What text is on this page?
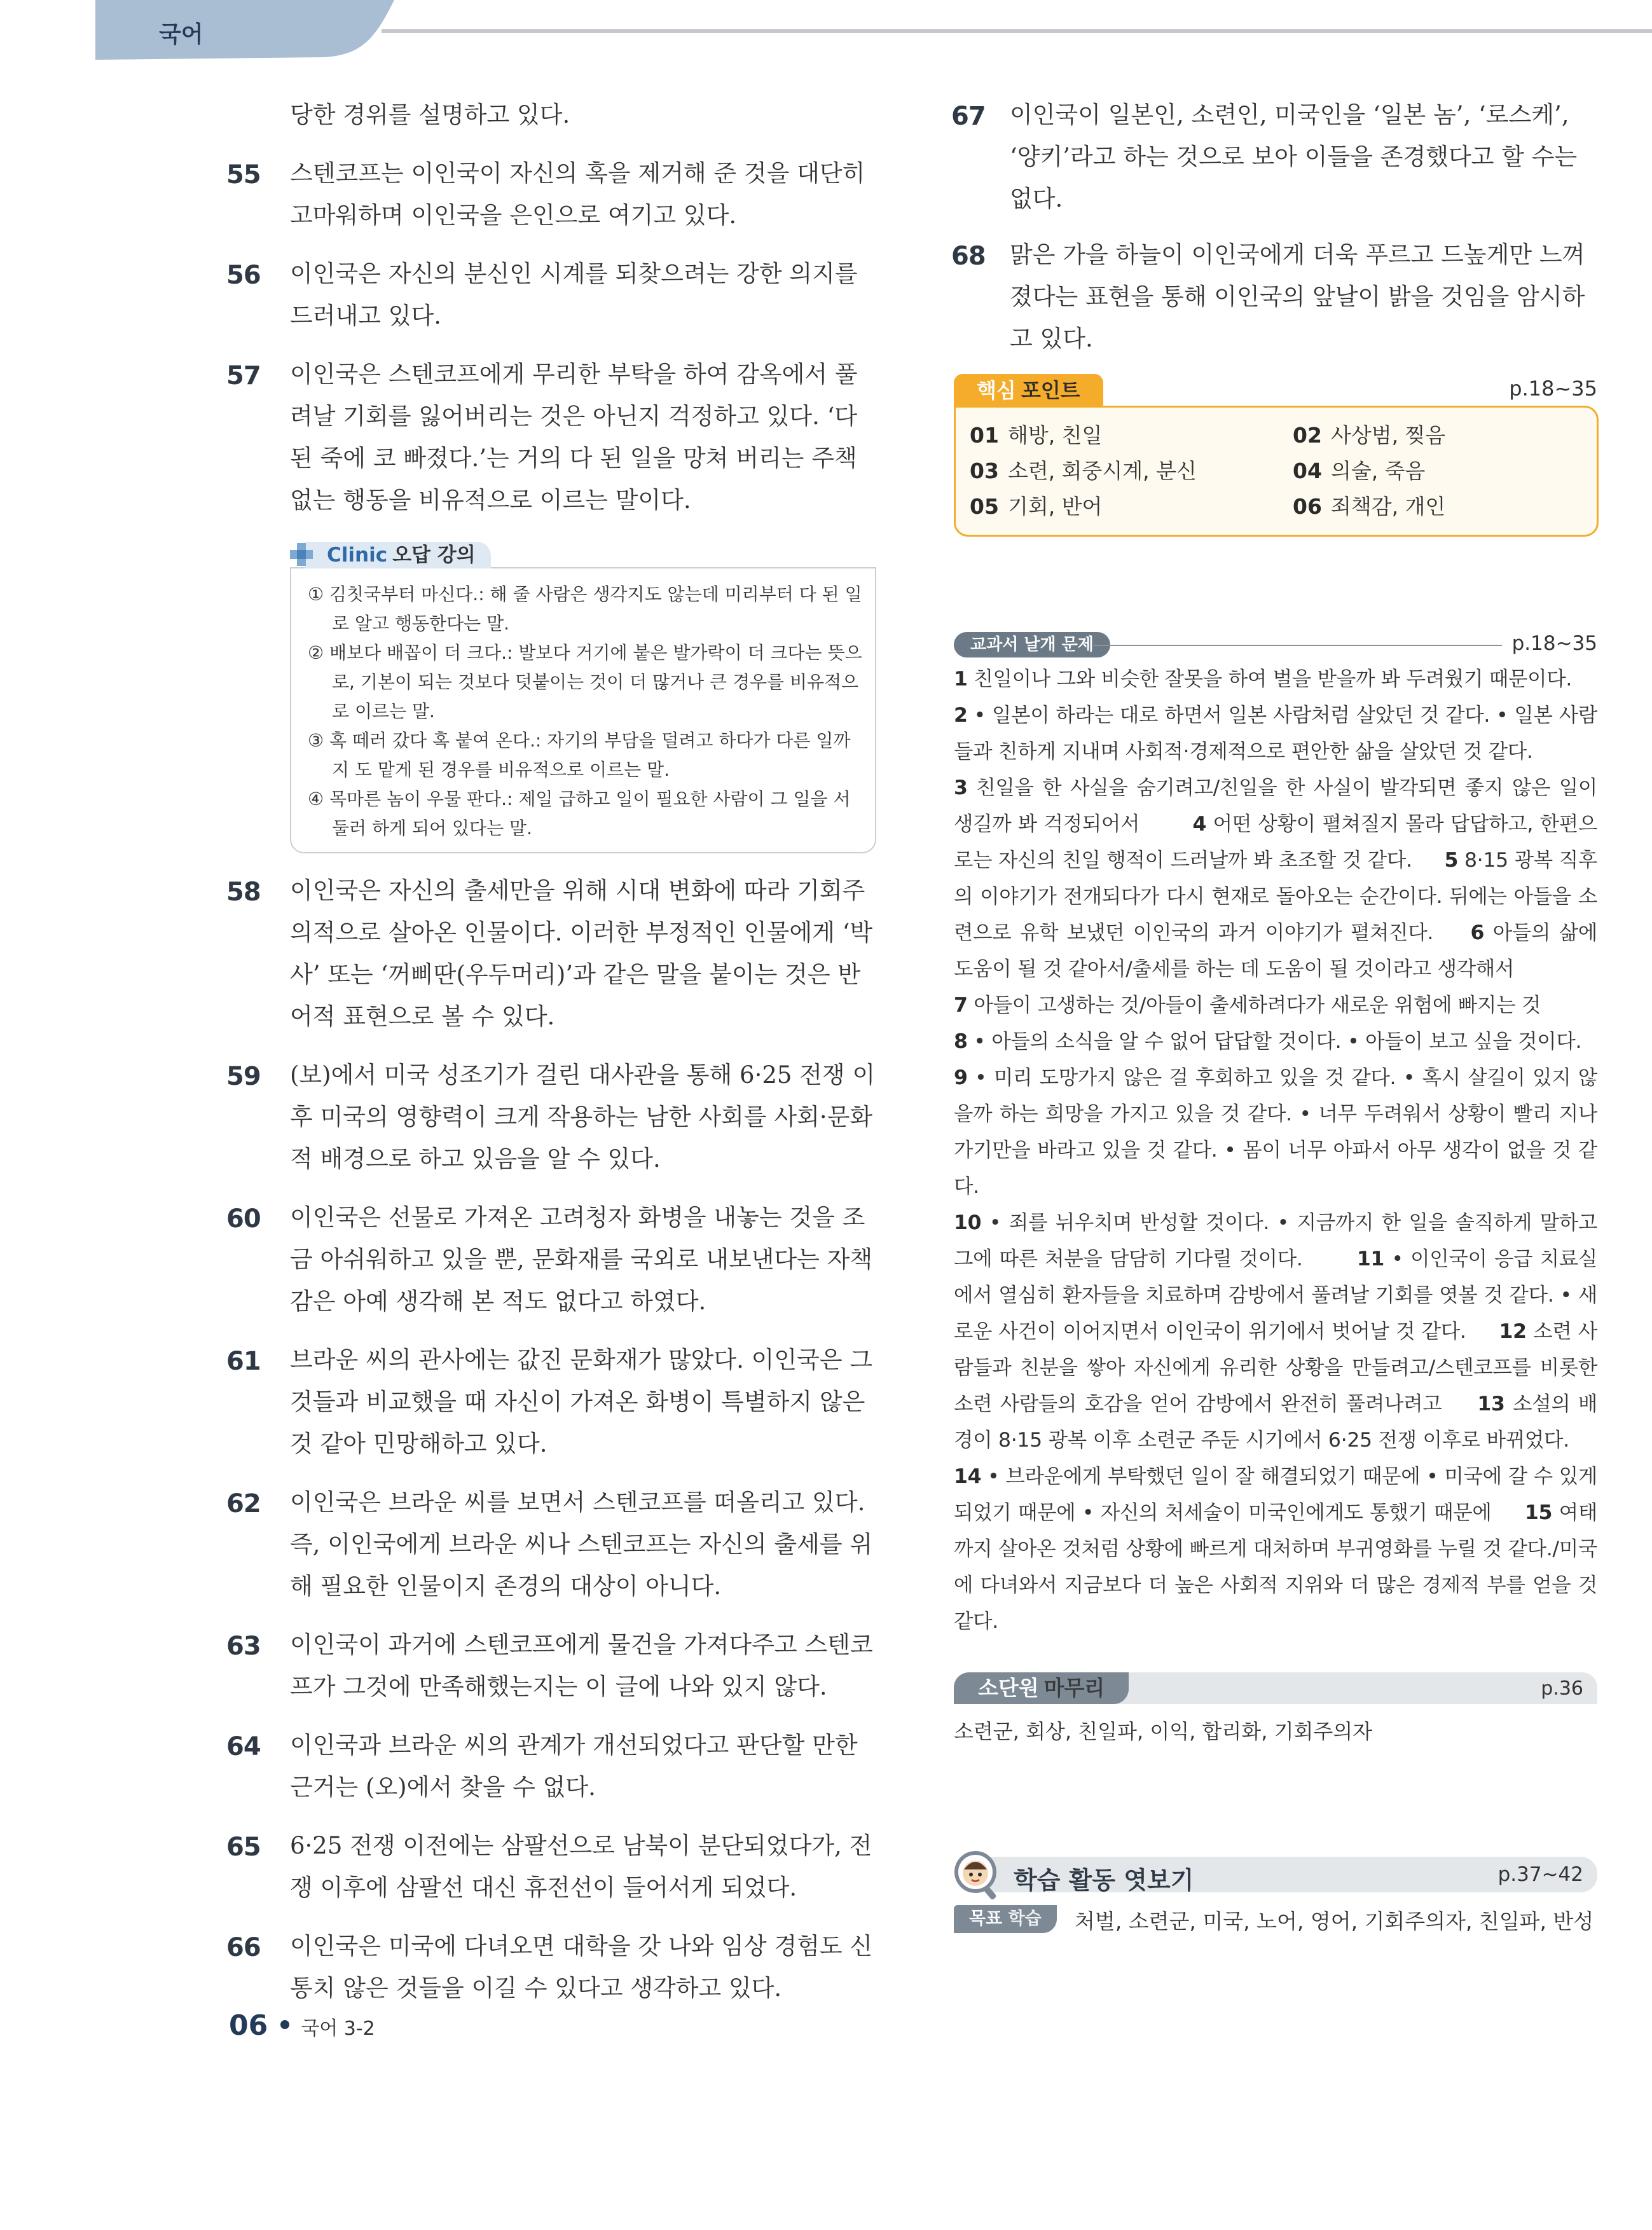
국어
당한 경위를 설명하고 있다.
55 스텐코프는 이인국이 자신의 혹을 제거해 준 것을 대단히 고마워하며 이인국을 은인으로 여기고 있다.
56 이인국은 자신의 분신인 시계를 되찾으려는 강한 의지를 드러내고 있다.
57 이인국은 스텐코프에게 무리한 부탁을 하여 감옥에서 풀려날 기회를 잃어버리는 것은 아닌지 걱정하고 있다. ‘다 된 죽에 코 빠졌다.’는 거의 다 된 일을 망쳐 버리는 주책없는 행동을 비유적으로 이르는 말이다.
Clinic 오답 강의
① 김칫국부터 마신다.: 해 줄 사람은 생각지도 않는데 미리부터 다 된 일로 알고 행동한다는 말.
② 배보다 배꼽이 더 크다.: 발보다 거기에 붙은 발가락이 더 크다는 뜻으로, 기본이 되는 것보다 덧붙이는 것이 더 많거나 큰 경우를 비유적으로 이르는 말.
③ 혹 떼러 갔다 혹 붙여 온다.: 자기의 부담을 덜려고 하다가 다른 일까지 도 맡게 된 경우를 비유적으로 이르는 말.
④ 목마른 놈이 우물 판다.: 제일 급하고 일이 필요한 사람이 그 일을 서둘러 하게 되어 있다는 말.
58 이인국은 자신의 출세만을 위해 시대 변화에 따라 기회주의적으로 살아온 인물이다. 이러한 부정적인 인물에게 ‘박사’ 또는 ‘꺼삐딴(우두머리)’과 같은 말을 붙이는 것은 반어적 표현으로 볼 수 있다.
59 (보)에서 미국 성조기가 걸린 대사관을 통해 6·25 전쟁 이후 미국의 영향력이 크게 작용하는 남한 사회를 사회·문화적 배경으로 하고 있음을 알 수 있다.
60 이인국은 선물로 가져온 고려청자 화병을 내놓는 것을 조금 아쉬워하고 있을 뿐, 문화재를 국외로 내보낸다는 자책감은 아예 생각해 본 적도 없다고 하였다.
61 브라운 씨의 관사에는 값진 문화재가 많았다. 이인국은 그것들과 비교했을 때 자신이 가져온 화병이 특별하지 않은 것 같아 민망해하고 있다.
62 이인국은 브라운 씨를 보면서 스텐코프를 떠올리고 있다. 즉, 이인국에게 브라운 씨나 스텐코프는 자신의 출세를 위해 필요한 인물이지 존경의 대상이 아니다.
63 이인국이 과거에 스텐코프에게 물건을 가져다주고 스텐코프가 그것에 만족해했는지는 이 글에 나와 있지 않다.
64 이인국과 브라운 씨의 관계가 개선되었다고 판단할 만한 근거는 (오)에서 찾을 수 없다.
65 6·25 전쟁 이전에는 삼팔선으로 남북이 분단되었다가, 전쟁 이후에 삼팔선 대신 휴전선이 들어서게 되었다.
66 이인국은 미국에 다녀오면 대학을 갓 나와 임상 경험도 신통치 않은 것들을 이길 수 있다고 생각하고 있다.
67 이인국이 일본인, 소련인, 미국인을 ‘일본 놈’, ‘로스케’, ‘양키’라고 하는 것으로 보아 이들을 존경했다고 할 수는 없다.
68 맑은 가을 하늘이 이인국에게 더욱 푸르고 드높게만 느껴졌다는 표현을 통해 이인국의 앞날이 밝을 것임을 암시하고 있다.
핵심 포인트	p.18~35
01 해방, 친일	02 사상범, 찢음
03 소련, 회중시계, 분신	04 의술, 죽음
05 기회, 반어	06 죄책감, 개인
교과서 날개 문제	p.18~35
1 친일이나 그와 비슷한 잘못을 하여 벌을 받을까 봐 두려웠기 때문이다.
2 • 일본이 하라는 대로 하면서 일본 사람처럼 살았던 것 같다. • 일본 사람들과 친하게 지내며 사회적·경제적으로 편안한 삶을 살았던 것 같다.
3 친일을 한 사실을 숨기려고/친일을 한 사실이 발각되면 좋지 않은 일이 생길까 봐 걱정되어서   	4 어떤 상황이 펼쳐질지 몰라 답답하고, 한편으로는 자신의 친일 행적이 드러날까 봐 초조할 것 같다.   5 8·15 광복 직후의 이야기가 전개되다가 다시 현재로 돌아오는 순간이다. 뒤에는 아들을 소련으로 유학 보냈던 이인국의 과거 이야기가 펼쳐진다.   6 아들의 삶에 도움이 될 것 같아서/출세를 하는 데 도움이 될 것이라고 생각해서
7 아들이 고생하는 것/아들이 출세하려다가 새로운 위험에 빠지는 것
8 • 아들의 소식을 알 수 없어 답답할 것이다. • 아들이 보고 싶을 것이다.
9 • 미리 도망가지 않은 걸 후회하고 있을 것 같다. • 혹시 살길이 있지 않을까 하는 희망을 가지고 있을 것 같다. • 너무 두려워서 상황이 빨리 지나가기만을 바라고 있을 것 같다. • 몸이 너무 아파서 아무 생각이 없을 것 같다.
10 • 죄를 뉘우치며 반성할 것이다. • 지금까지 한 일을 솔직하게 말하고 그에 따른 처분을 담담히 기다릴 것이다.   	11 • 이인국이 응급 치료실에서 열심히 환자들을 치료하며 감방에서 풀려날 기회를 엿볼 것 같다. • 새로운 사건이 이어지면서 이인국이 위기에서 벗어날 것 같다.   12 소련 사람들과 친분을 쌓아 자신에게 유리한 상황을 만들려고/스텐코프를 비롯한 소련 사람들의 호감을 얻어 감방에서 완전히 풀려나려고   13 소설의 배경이 8·15 광복 이후 소련군 주둔 시기에서 6·25 전쟁 이후로 바뀌었다.
14 • 브라운에게 부탁했던 일이 잘 해결되었기 때문에 • 미국에 갈 수 있게 되었기 때문에 • 자신의 처세술이 미국인에게도 통했기 때문에   15 여태까지 살아온 것처럼 상황에 빠르게 대처하며 부귀영화를 누릴 것 같다./미국에 다녀와서 지금보다 더 높은 사회적 지위와 더 많은 경제적 부를 얻을 것 같다.
소단원 마무리	p.36
소련군, 회상, 친일파, 이익, 합리화, 기회주의자
학습 활동 엿보기	p.37~42
목표 학습	처벌, 소련군, 미국, 노어, 영어, 기회주의자, 친일파, 반성
06 국어 3-2
